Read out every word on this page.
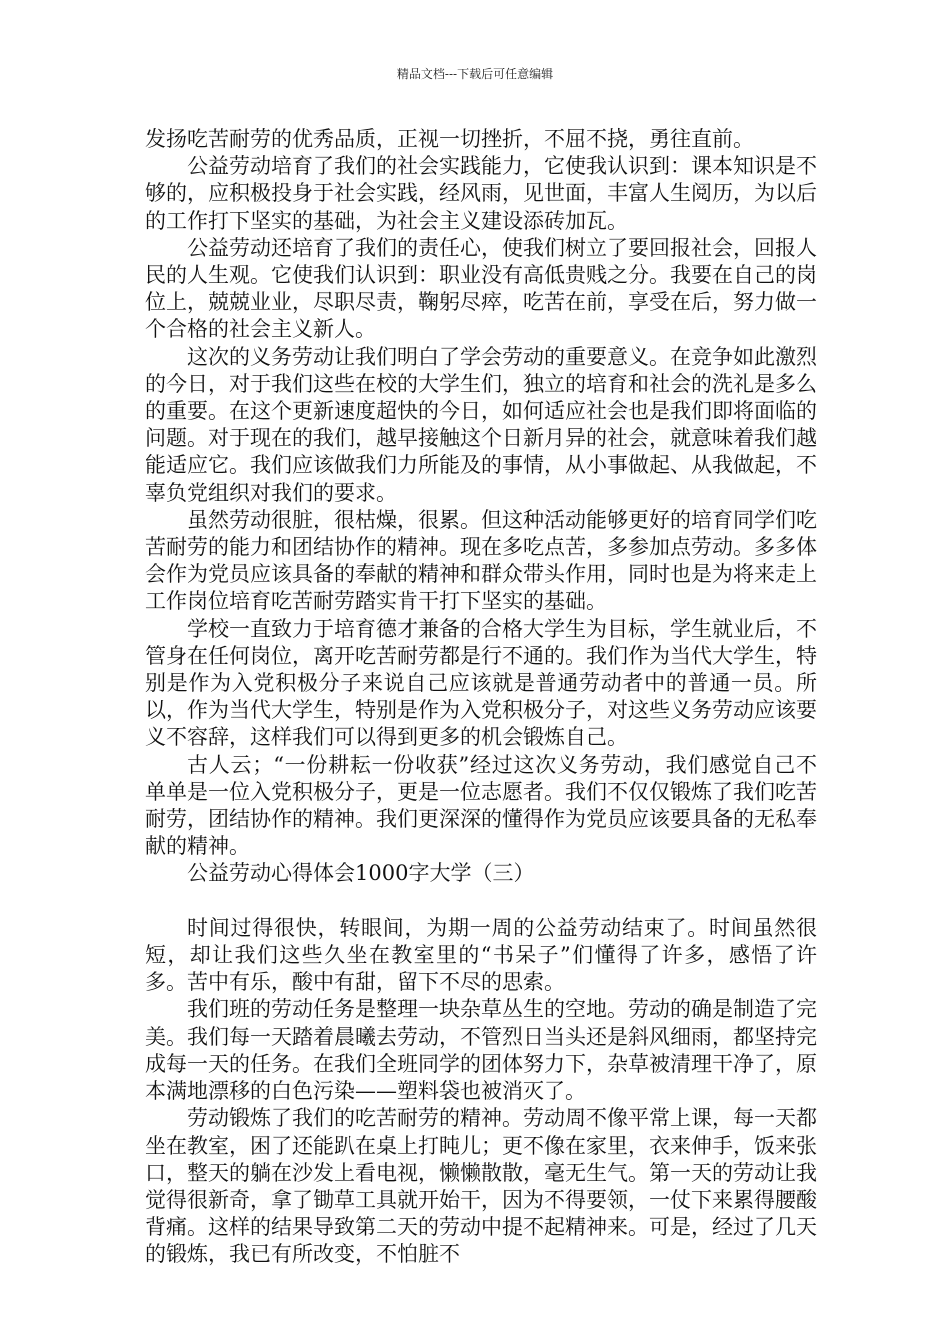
精品文档---下载后可任意编辑

发扬吃苦耐劳的优秀品质，正视一切挫折，不屈不挠，勇往直前。

公益劳动培育了我们的社会实践能力，它使我认识到：课本知识是不够的，应积极投身于社会实践，经风雨，见世面，丰富人生阅历，为以后的工作打下坚实的基础，为社会主义建设添砖加瓦。

公益劳动还培育了我们的责任心，使我们树立了要回报社会，回报人民的人生观。它使我们认识到：职业没有高低贵贱之分。我要在自己的岗位上，兢兢业业，尽职尽责，鞠躬尽瘁，吃苦在前，享受在后，努力做一个合格的社会主义新人。

这次的义务劳动让我们明白了学会劳动的重要意义。在竞争如此激烈的今日，对于我们这些在校的大学生们，独立的培育和社会的洗礼是多么的重要。在这个更新速度超快的今日，如何适应社会也是我们即将面临的问题。对于现在的我们，越早接触这个日新月异的社会，就意味着我们越能适应它。我们应该做我们力所能及的事情，从小事做起、从我做起，不辜负党组织对我们的要求。

虽然劳动很脏，很枯燥，很累。但这种活动能够更好的培育同学们吃苦耐劳的能力和团结协作的精神。现在多吃点苦，多参加点劳动。多多体会作为党员应该具备的奉献的精神和群众带头作用，同时也是为将来走上工作岗位培育吃苦耐劳踏实肯干打下坚实的基础。

学校一直致力于培育德才兼备的合格大学生为目标，学生就业后，不管身在任何岗位，离开吃苦耐劳都是行不通的。我们作为当代大学生，特别是作为入党积极分子来说自己应该就是普通劳动者中的普通一员。所以，作为当代大学生，特别是作为入党积极分子，对这些义务劳动应该要义不容辞，这样我们可以得到更多的机会锻炼自己。

古人云；“一份耕耘一份收获”经过这次义务劳动，我们感觉自己不单单是一位入党积极分子，更是一位志愿者。我们不仅仅锻炼了我们吃苦耐劳，团结协作的精神。我们更深深的懂得作为党员应该要具备的无私奉献的精神。

公益劳动心得体会1000字大学（三）

时间过得很快，转眼间，为期一周的公益劳动结束了。时间虽然很短，却让我们这些久坐在教室里的“书呆子”们懂得了许多，感悟了许多。苦中有乐，酸中有甜，留下不尽的思索。

我们班的劳动任务是整理一块杂草丛生的空地。劳动的确是制造了完美。我们每一天踏着晨曦去劳动，不管烈日当头还是斜风细雨，都坚持完成每一天的任务。在我们全班同学的团体努力下，杂草被清理干净了，原本满地漂移的白色污染——塑料袋也被消灭了。

劳动锻炼了我们的吃苦耐劳的精神。劳动周不像平常上课，每一天都坐在教室，困了还能趴在桌上打盹儿；更不像在家里，衣来伸手，饭来张口，整天的躺在沙发上看电视，懒懒散散，毫无生气。第一天的劳动让我觉得很新奇，拿了锄草工具就开始干，因为不得要领，一仗下来累得腰酸背痛。这样的结果导致第二天的劳动中提不起精神来。可是，经过了几天的锻炼，我已有所改变，不怕脏不
